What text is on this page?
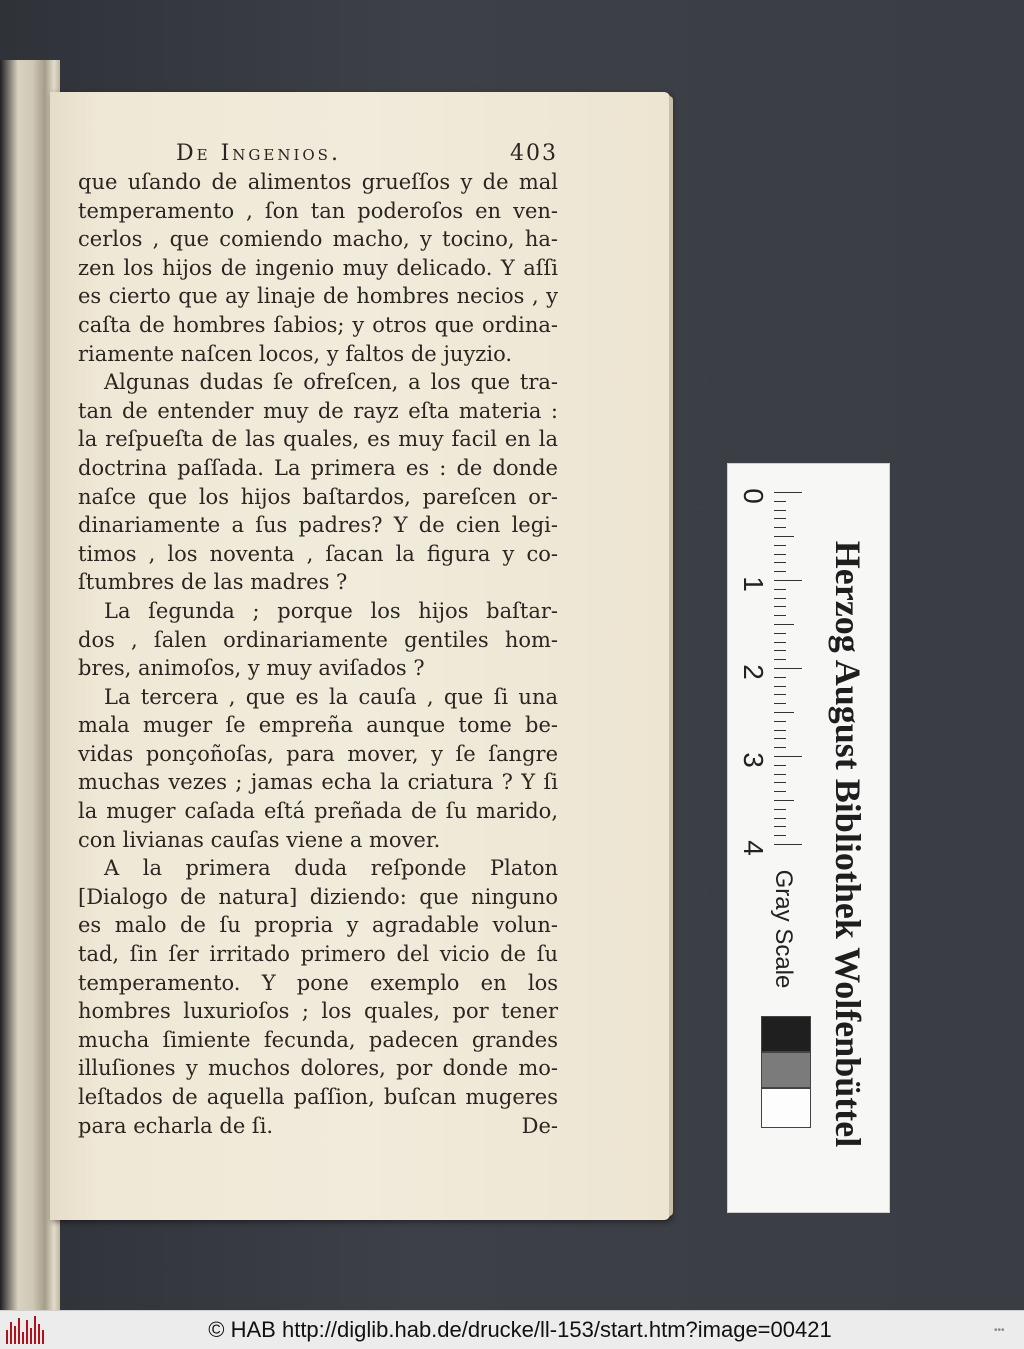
De Ingenios.	403
que uſando de alimentos grueſſos y de mal
temperamento , ſon tan poderoſos en ven-
cerlos , que comiendo macho, y tocino, ha-
zen los hijos de ingenio muy delicado. Y aſſi
es cierto que ay linaje de hombres necios , y
caſta de hombres ſabios; y otros que ordina-
riamente naſcen locos, y faltos de juyzio.
Algunas dudas ſe ofreſcen, a los que tra-
tan de entender muy de rayz eſta materia :
la reſpueſta de las quales, es muy facil en la
doctrina paſſada. La primera es : de donde
naſce que los hijos baſtardos, pareſcen or-
dinariamente a ſus padres? Y de cien legi-
timos , los noventa , ſacan la figura y co-
ſtumbres de las madres ?
La ſegunda ; porque los hijos baſtar-
dos , ſalen ordinariamente gentiles hom-
bres, animoſos, y muy aviſados ?
La tercera , que es la cauſa , que ſi una
mala muger ſe empreña aunque tome be-
vidas ponçoñoſas, para mover, y ſe ſangre
muchas vezes ; jamas echa la criatura ? Y ſi
la muger caſada eſtá preñada de ſu marido,
con livianas cauſas viene a mover.
A la primera duda reſponde Platon
[Dialogo de natura] diziendo: que ninguno
es malo de ſu propria y agradable volun-
tad, ſin ſer irritado primero del vicio de ſu
temperamento. Y pone exemplo en los
hombres luxurioſos ; los quales, por tener
mucha ſimiente fecunda, padecen grandes
illuſiones y muchos dolores, por donde mo-
leſtados de aquella paſſion, buſcan mugeres
para echarla de ſi.	De-
0
1
2
3
4 Herzog August Bibliothek Wolfenbüttel
Gray Scale
© HAB http://diglib.hab.de/drucke/ll-153/start.htm?image=00421	•••
